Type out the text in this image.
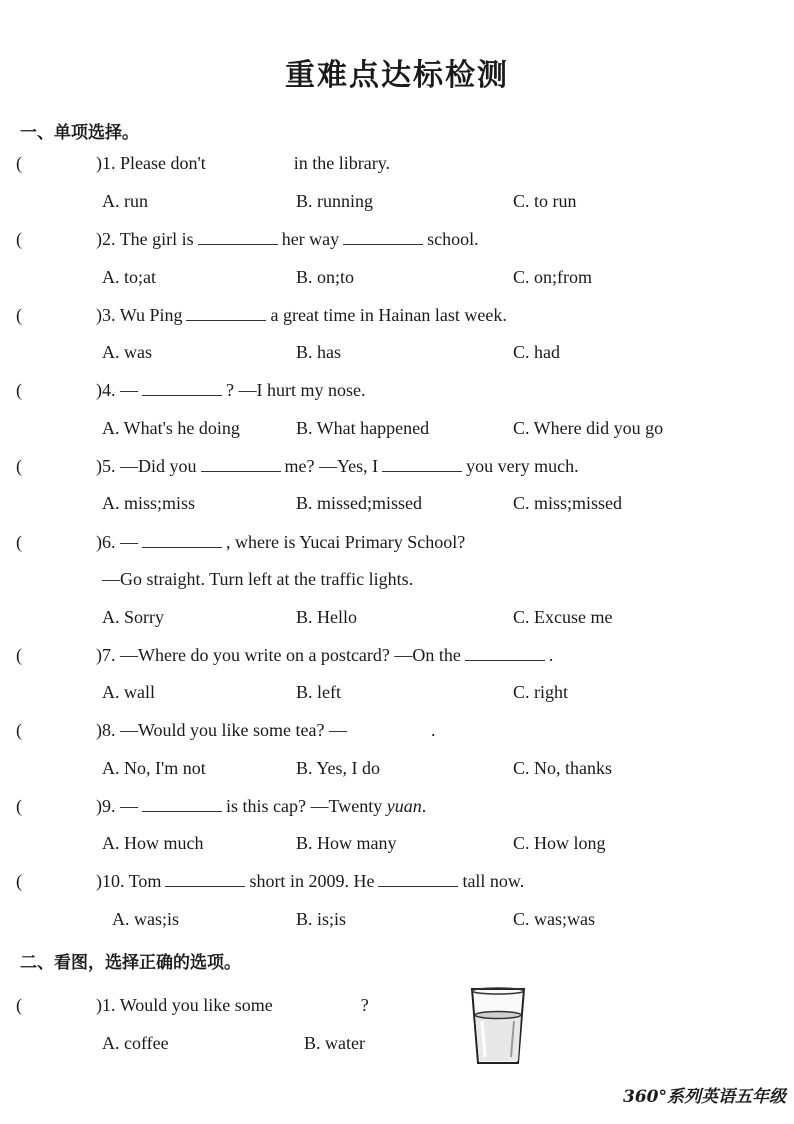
重难点达标检测
一、单项选择。
(	)1. Please don't	in the library.
A. run	B. running	C. to run
(	)2. The girl is	her way	school.
A. to;at	B. on;to	C. on;from
(	)3. Wu Ping	a great time in Hainan last week.
A. was	B. has	C. had
(	)4. —	? —I hurt my nose.
A. What's he doing	B. What happened	C. Where did you go
(	)5. —Did you	me? —Yes, I	you very much.
A. miss;miss	B. missed;missed	C. miss;missed
(	)6. —	, where is Yucai Primary School?
—Go straight. Turn left at the traffic lights.
A. Sorry	B. Hello	C. Excuse me
(	)7. —Where do you write on a postcard? —On the	.
A. wall	B. left	C. right
(	)8. —Would you like some tea? —	.
A. No, I'm not	B. Yes, I do	C. No, thanks
(	)9. —	is this cap? —Twenty yuan.
A. How much	B. How many	C. How long
(	)10. Tom	short in 2009. He	tall now.
A. was;is	B. is;is	C. was;was
二、看图，选择正确的选项。
(	)1. Would you like some	?
A. coffee	B. water
360°系列英语五年级
